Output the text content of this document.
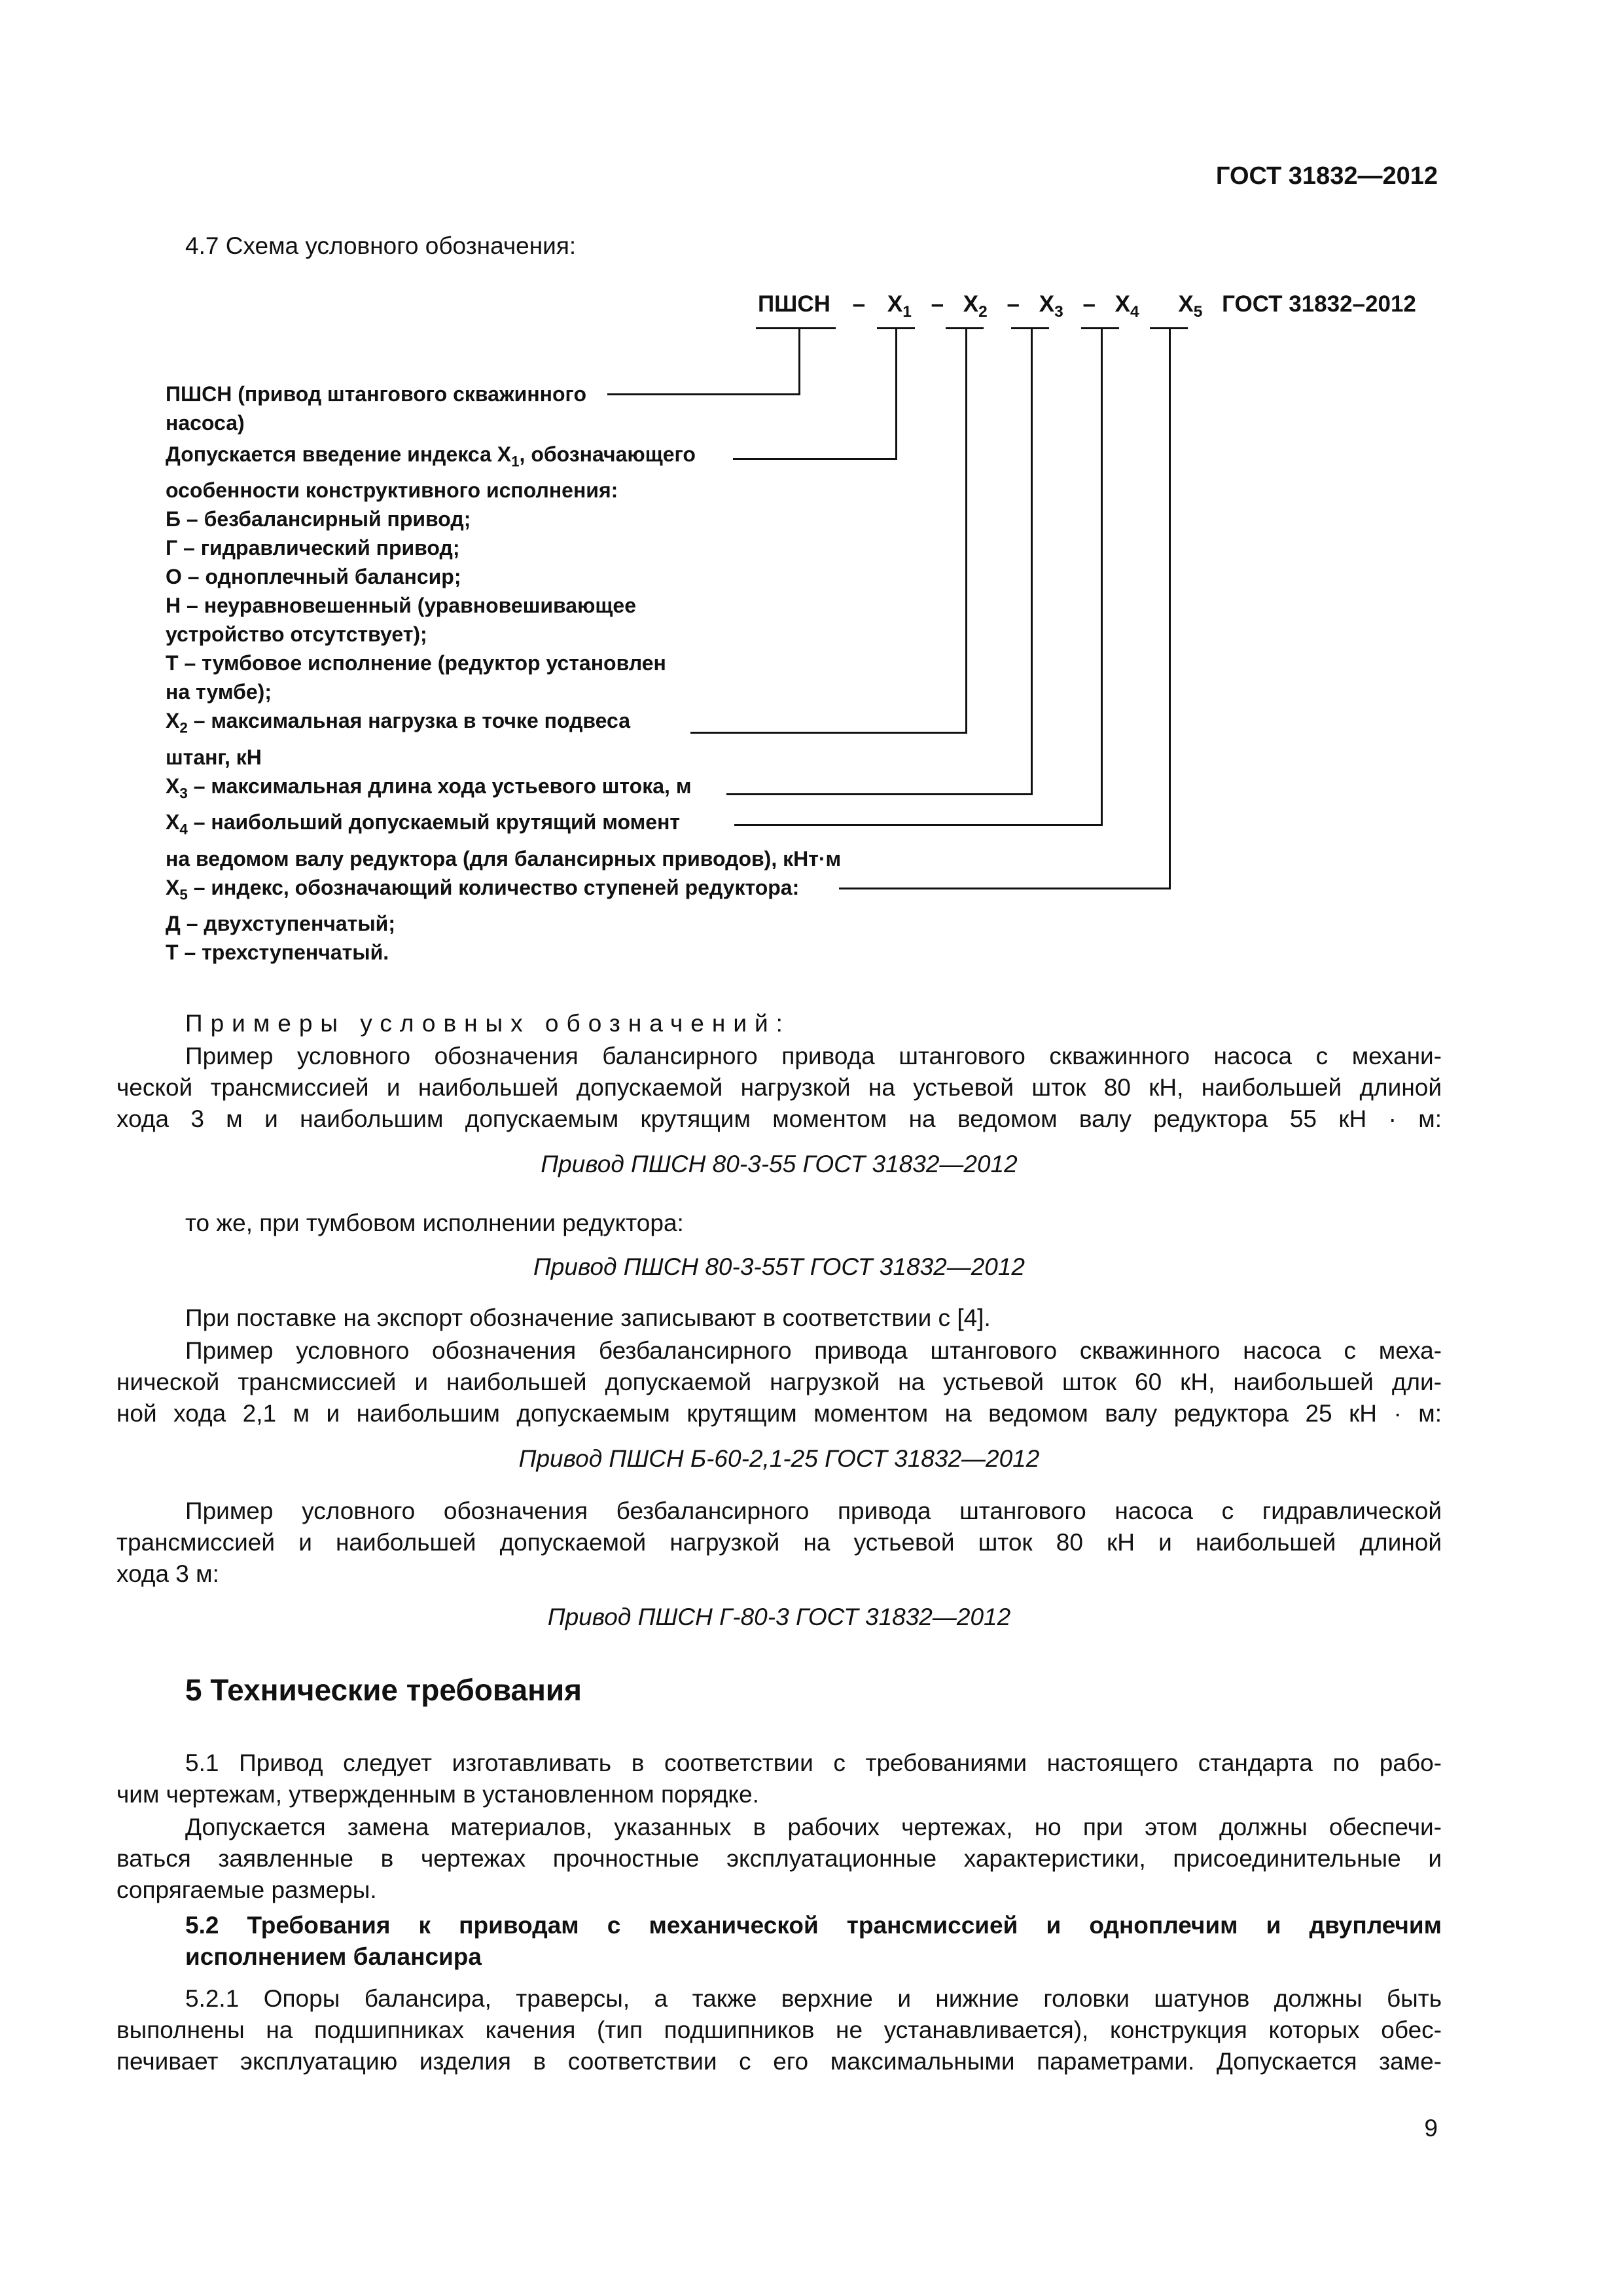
ГОСТ 31832—2012
4.7 Схема условного обозначения:
ПШСН – $X_1 - X_2 - X_3 - X_4$ $X_5$ ГОСТ 31832–2012
ПШСН (привод штангового скважинного
насоса)
Допускается введение индекса $X_1$, обозначающего
особенности конструктивного исполнения:
Б – безбалансирный привод;
Г – гидравлический привод;
О – одноплечный балансир;
Н – неуравновешенный (уравновешивающее
устройство отсутствует);
Т – тумбовое исполнение (редуктор установлен
на тумбе);
$X_2$ – максимальная нагрузка в точке подвеса
штанг, кН
$X_3$ – максимальная длина хода устьевого штока, м
$X_4$ – наибольший допускаемый крутящий момент
на ведомом валу редуктора (для балансирных приводов), кНт·м
$X_5$ – индекс, обозначающий количество ступеней редуктора:
Д – двухступенчатый;
Т – трехступенчатый.
Примеры условных обозначений:
Пример условного обозначения балансирного привода штангового скважинного насоса с механи-
ческой трансмиссией и наибольшей допускаемой нагрузкой на устьевой шток 80 кН, наибольшей длиной
хода 3 м и наибольшим допускаемым крутящим моментом на ведомом валу редуктора 55 кН · м:
Привод ПШСН 80-3-55 ГОСТ 31832—2012
то же, при тумбовом исполнении редуктора:
Привод ПШСН 80-3-55Т ГОСТ 31832—2012
При поставке на экспорт обозначение записывают в соответствии с [4].
Пример условного обозначения безбалансирного привода штангового скважинного насоса с меха-
нической трансмиссией и наибольшей допускаемой нагрузкой на устьевой шток 60 кН, наибольшей дли-
ной хода 2,1 м и наибольшим допускаемым крутящим моментом на ведомом валу редуктора 25 кН · м:
Привод ПШСН Б-60-2,1-25 ГОСТ 31832—2012
Пример условного обозначения безбалансирного привода штангового насоса с гидравлической
трансмиссией и наибольшей допускаемой нагрузкой на устьевой шток 80 кН и наибольшей длиной
хода 3 м:
Привод ПШСН Г-80-3 ГОСТ 31832—2012
5 Технические требования
5.1 Привод следует изготавливать в соответствии с требованиями настоящего стандарта по рабо-
чим чертежам, утвержденным в установленном порядке.
Допускается замена материалов, указанных в рабочих чертежах, но при этом должны обеспечи-
ваться заявленные в чертежах прочностные эксплуатационные характеристики, присоединительные и
сопрягаемые размеры.
5.2 Требования к приводам с механической трансмиссией и одноплечим и двуплечим
исполнением балансира
5.2.1 Опоры балансира, траверсы, а также верхние и нижние головки шатунов должны быть
выполнены на подшипниках качения (тип подшипников не устанавливается), конструкция которых обес-
печивает эксплуатацию изделия в соответствии с его максимальными параметрами. Допускается заме-
9
